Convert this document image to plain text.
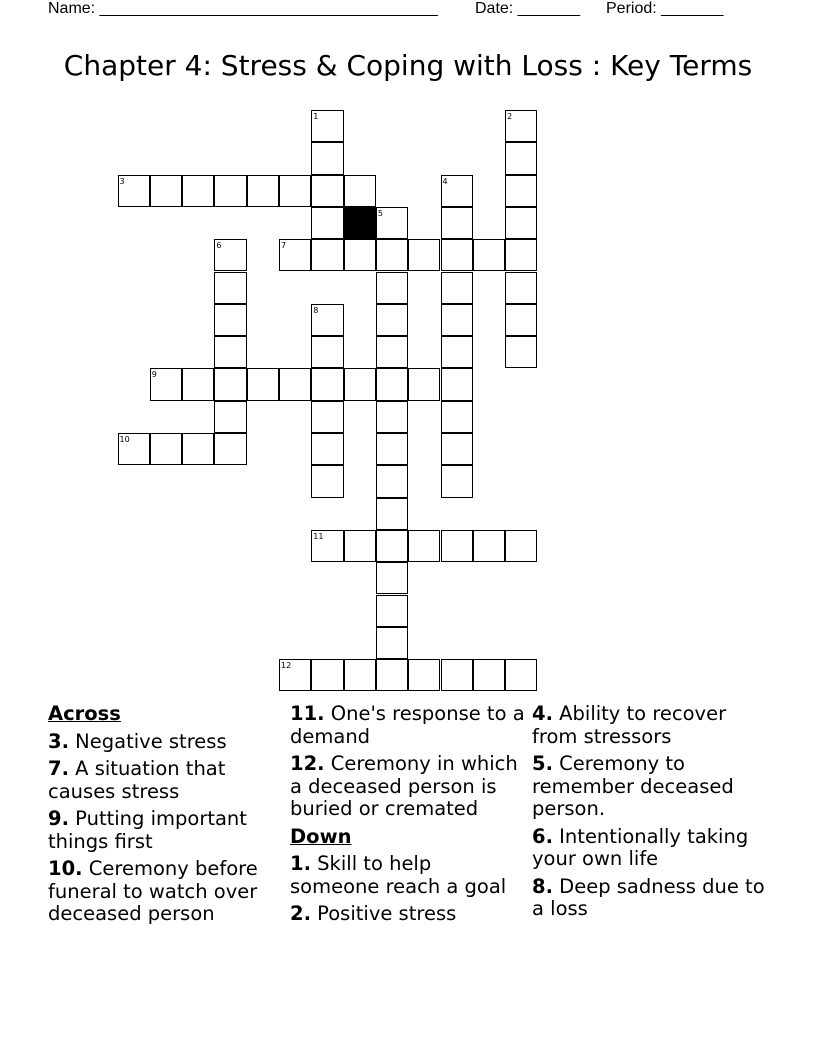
Name: ______________________________________

Date: _______

Period: _______

Chapter 4: Stress & Coping with Loss : Key Terms
1	2
3	4
5
6	7
8
9
10
11
12
Across
3. Negative stress
7. A situation that causes stress
9. Putting important things first
10. Ceremony before funeral to watch over deceased person
11. One's response to a demand
12. Ceremony in which a deceased person is buried or cremated
Down
1. Skill to help someone reach a goal
2. Positive stress
4. Ability to recover from stressors
5. Ceremony to remember deceased person.
6. Intentionally taking your own life
8. Deep sadness due to a loss
